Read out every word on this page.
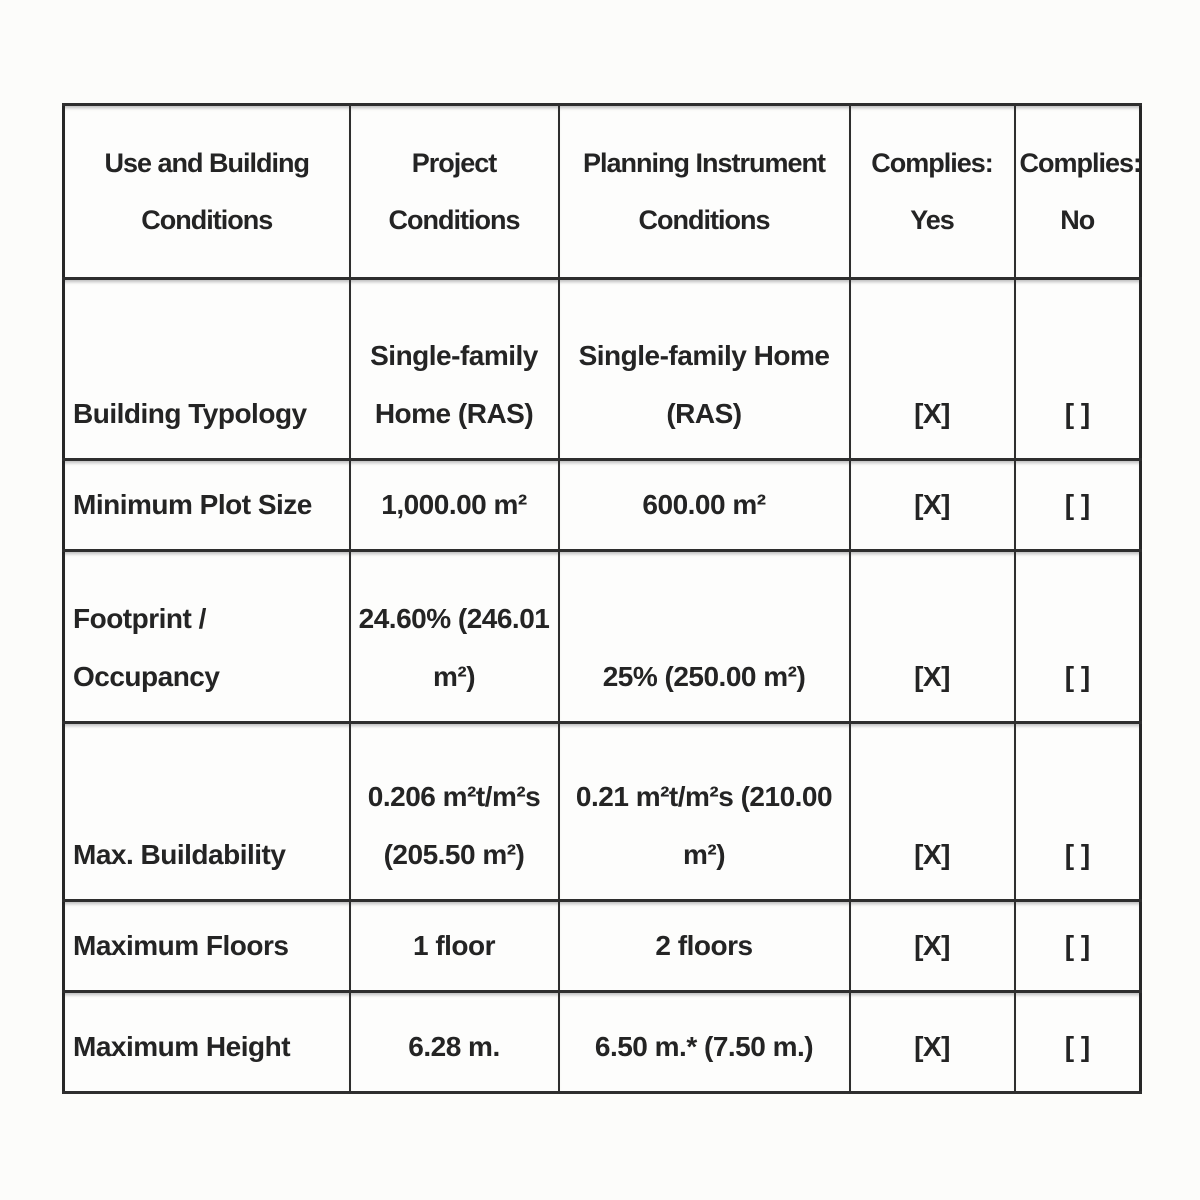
Use and Building Conditions	Project Conditions	Planning Instrument Conditions	Complies: Yes	Complies: No
Building Typology	Single-family Home (RAS)	Single-family Home (RAS)	[X]	[ ]
Minimum Plot Size	1,000.00 m²	600.00 m²	[X]	[ ]
Footprint / Occupancy	24.60% (246.01 m²)	25% (250.00 m²)	[X]	[ ]
Max. Buildability	0.206 m²t/m²s (205.50 m²)	0.21 m²t/m²s (210.00 m²)	[X]	[ ]
Maximum Floors	1 floor	2 floors	[X]	[ ]
Maximum Height	6.28 m.	6.50 m.* (7.50 m.)	[X]	[ ]
